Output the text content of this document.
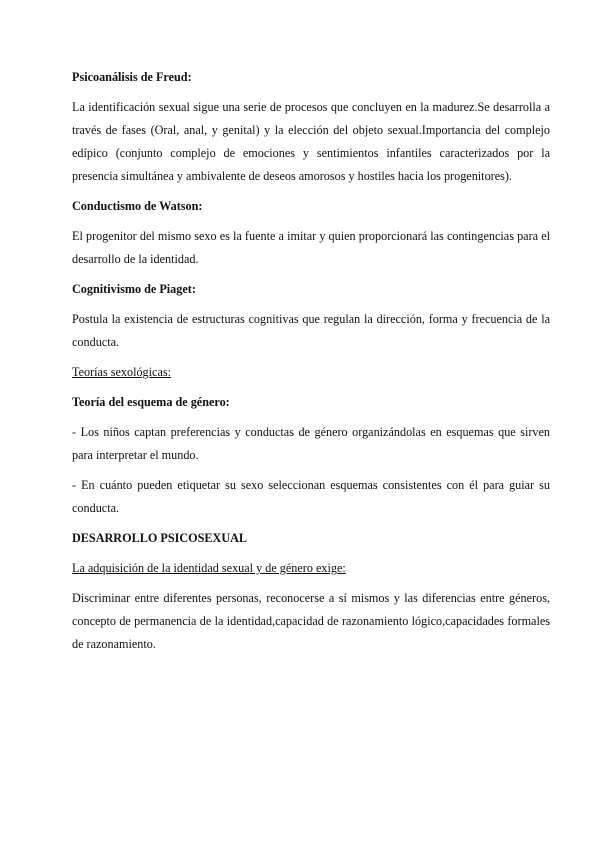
Psicoanálisis de Freud:

La identificación sexual sigue una serie de procesos que concluyen en la madurez.Se desarrolla a través de fases (Oral, anal, y genital) y la elección del objeto sexual.Importancia del complejo edípico (conjunto complejo de emociones y sentimientos infantiles caracterizados por la presencia simultánea y ambivalente de deseos amorosos y hostiles hacia los progenitores).

Conductismo de Watson:

El progenitor del mismo sexo es la fuente a imitar y quien proporcionará las contingencias para el desarrollo de la identidad.

Cognitivismo de Piaget:

Postula la existencia de estructuras cognitivas que regulan la dirección, forma y frecuencia de la conducta.

Teorías sexológicas:

Teoría del esquema de género:

- Los niños captan preferencias y conductas de género organizándolas en esquemas que sirven para interpretar el mundo.

- En cuánto pueden etiquetar su sexo seleccionan esquemas consistentes con él para guiar su conducta.

DESARROLLO PSICOSEXUAL

La adquisición de la identidad sexual y de género exige:

Discriminar entre diferentes personas, reconocerse a sí mismos y las diferencias entre géneros, concepto de permanencia de la identidad,capacidad de razonamiento lógico,capacidades formales de razonamiento.
